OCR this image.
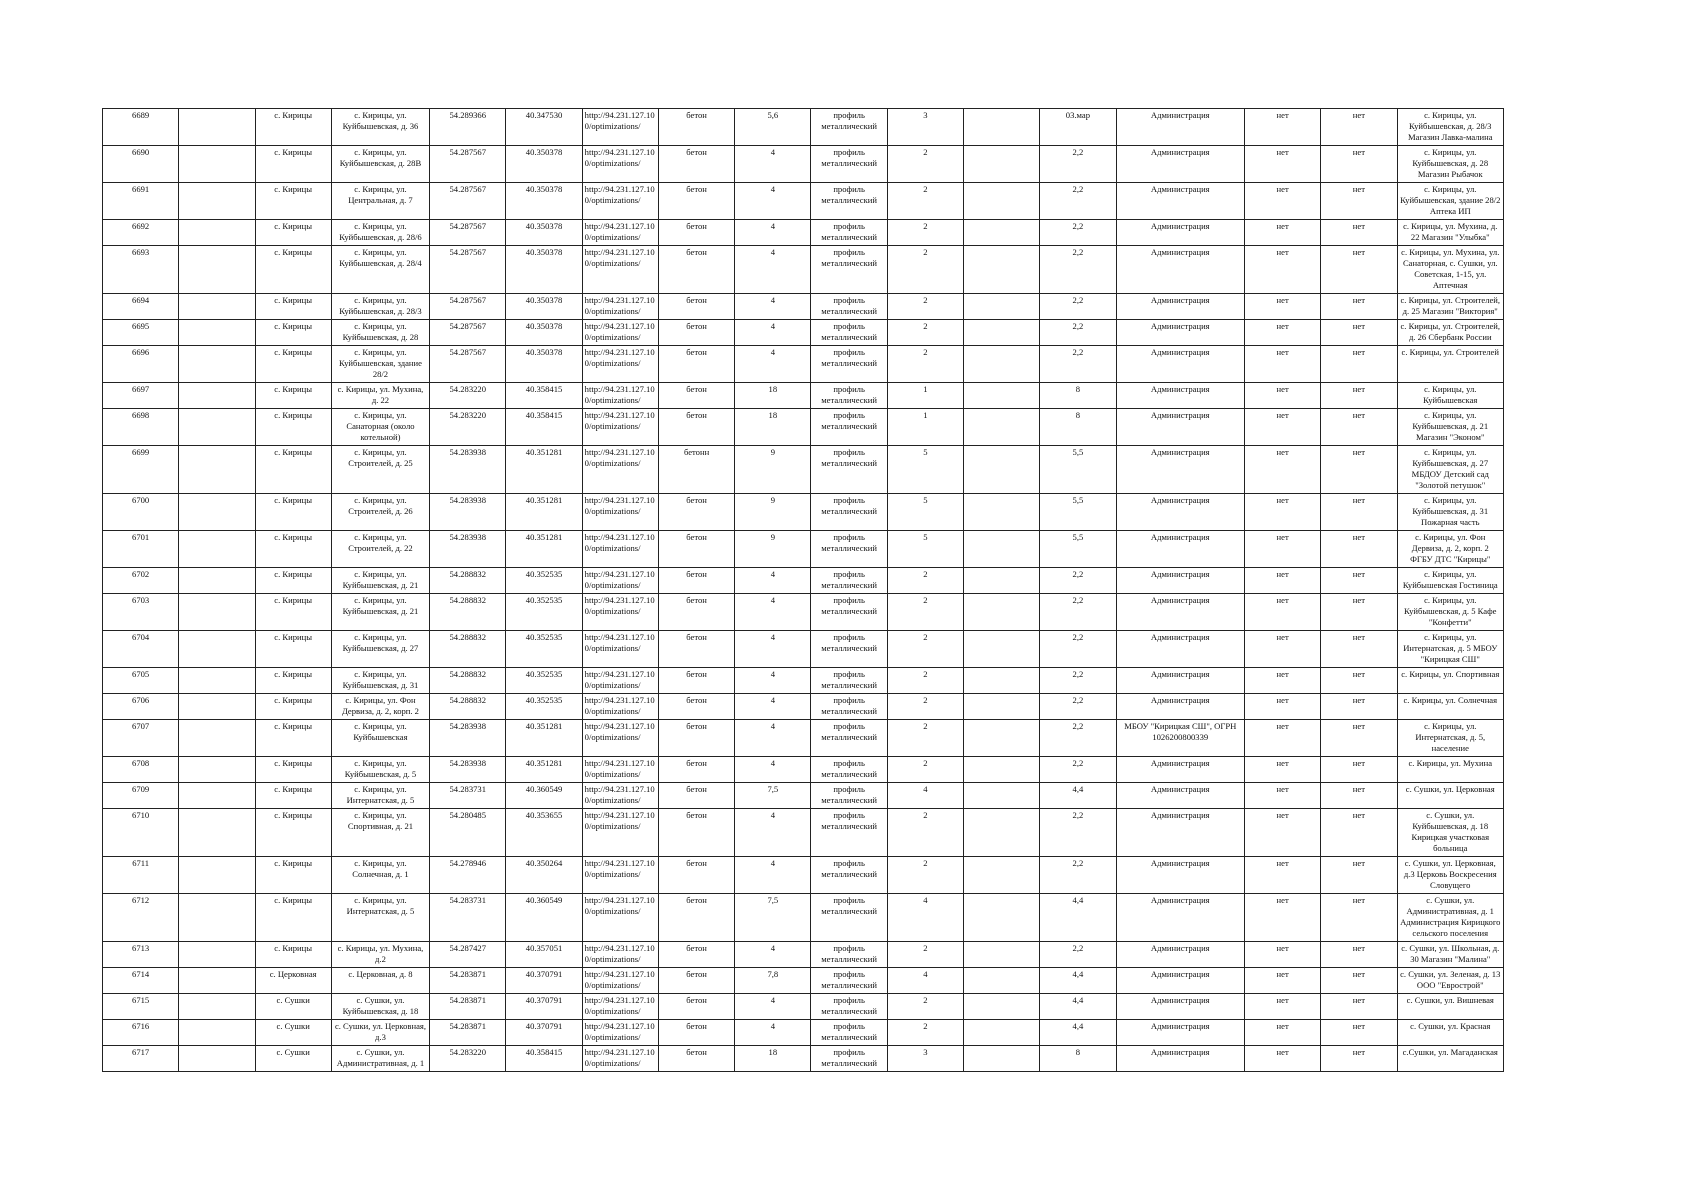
6689		с. Кирицы	с. Кирицы, ул. Куйбышевская, д. 36	54.289366	40.347530	http://94.231.127.10 0/optimizations/	бетон	5,6	профиль металлический	3		03.мар	Администрация	нет	нет	с. Кирицы, ул. Куйбышевская, д. 28/3 Магазин Лавка-малина
6690		с. Кирицы	с. Кирицы, ул. Куйбышевская, д. 28В	54.287567	40.350378	http://94.231.127.10 0/optimizations/	бетон	4	профиль металлический	2		2,2	Администрация	нет	нет	с. Кирицы, ул. Куйбышевская, д. 28 Магазин Рыбачок
6691		с. Кирицы	с. Кирицы, ул. Центральная, д. 7	54.287567	40.350378	http://94.231.127.10 0/optimizations/	бетон	4	профиль металлический	2		2,2	Администрация	нет	нет	с. Кирицы, ул. Куйбышевская, здание 28/2 Аптека ИП
6692		с. Кирицы	с. Кирицы, ул. Куйбышевская, д. 28/6	54.287567	40.350378	http://94.231.127.10 0/optimizations/	бетон	4	профиль металлический	2		2,2	Администрация	нет	нет	с. Кирицы, ул. Мухина, д. 22 Магазин "Улыбка"
6693		с. Кирицы	с. Кирицы, ул. Куйбышевская, д. 28/4	54.287567	40.350378	http://94.231.127.10 0/optimizations/	бетон	4	профиль металлический	2		2,2	Администрация	нет	нет	с. Кирицы, ул. Мухина, ул. Санаторная, с. Сушки, ул. Советская, 1-15, ул. Аптечная
6694		с. Кирицы	с. Кирицы, ул. Куйбышевская, д. 28/3	54.287567	40.350378	http://94.231.127.10 0/optimizations/	бетон	4	профиль металлический	2		2,2	Администрация	нет	нет	с. Кирицы, ул. Строителей, д. 25 Магазин "Виктория"
6695		с. Кирицы	с. Кирицы, ул. Куйбышевская, д. 28	54.287567	40.350378	http://94.231.127.10 0/optimizations/	бетон	4	профиль металлический	2		2,2	Администрация	нет	нет	с. Кирицы, ул. Строителей, д. 26 Сбербанк России
6696		с. Кирицы	с. Кирицы, ул. Куйбышевская, здание 28/2	54.287567	40.350378	http://94.231.127.10 0/optimizations/	бетон	4	профиль металлический	2		2,2	Администрация	нет	нет	с. Кирицы, ул. Строителей
6697		с. Кирицы	с. Кирицы, ул. Мухина, д. 22	54.283220	40.358415	http://94.231.127.10 0/optimizations/	бетон	18	профиль металлический	1		8	Администрация	нет	нет	с. Кирицы, ул. Куйбышевская
6698		с. Кирицы	с. Кирицы, ул. Санаторная (около котельной)	54.283220	40.358415	http://94.231.127.10 0/optimizations/	бетон	18	профиль металлический	1		8	Администрация	нет	нет	с. Кирицы, ул. Куйбышевская, д. 21 Магазин "Эконом"
6699		с. Кирицы	с. Кирицы, ул. Строителей, д. 25	54.283938	40.351281	http://94.231.127.10 0/optimizations/	бетонн	9	профиль металлический	5		5,5	Администрация	нет	нет	с. Кирицы, ул. Куйбышевская, д. 27 МБДОУ Детский сад "Золотой петушок"
6700		с. Кирицы	с. Кирицы, ул. Строителей, д. 26	54.283938	40.351281	http://94.231.127.10 0/optimizations/	бетон	9	профиль металлический	5		5,5	Администрация	нет	нет	с. Кирицы, ул. Куйбышевская, д. 31 Пожарная часть
6701		с. Кирицы	с. Кирицы, ул. Строителей, д. 22	54.283938	40.351281	http://94.231.127.10 0/optimizations/	бетон	9	профиль металлический	5		5,5	Администрация	нет	нет	с. Кирицы, ул. Фон Дервиза, д. 2, корп. 2 ФГБУ ДТС "Кирицы"
6702		с. Кирицы	с. Кирицы, ул. Куйбышевская, д. 21	54.288832	40.352535	http://94.231.127.10 0/optimizations/	бетон	4	профиль металлический	2		2,2	Администрация	нет	нет	с. Кирицы, ул. Куйбышевская Гостиница
6703		с. Кирицы	с. Кирицы, ул. Куйбышевская, д. 21	54.288832	40.352535	http://94.231.127.10 0/optimizations/	бетон	4	профиль металлический	2		2,2	Администрация	нет	нет	с. Кирицы, ул. Куйбышевская, д. 5 Кафе "Конфетти"
6704		с. Кирицы	с. Кирицы, ул. Куйбышевская, д. 27	54.288832	40.352535	http://94.231.127.10 0/optimizations/	бетон	4	профиль металлический	2		2,2	Администрация	нет	нет	с. Кирицы, ул. Интернатская, д. 5 МБОУ "Кирицкая СШ"
6705		с. Кирицы	с. Кирицы, ул. Куйбышевская, д. 31	54.288832	40.352535	http://94.231.127.10 0/optimizations/	бетон	4	профиль металлический	2		2,2	Администрация	нет	нет	с. Кирицы, ул. Спортивная
6706		с. Кирицы	с. Кирицы, ул. Фон Дервиза, д. 2, корп. 2	54.288832	40.352535	http://94.231.127.10 0/optimizations/	бетон	4	профиль металлический	2		2,2	Администрация	нет	нет	с. Кирицы, ул. Солнечная
6707		с. Кирицы	с. Кирицы, ул. Куйбышевская	54.283938	40.351281	http://94.231.127.10 0/optimizations/	бетон	4	профиль металлический	2		2,2	МБОУ "Кирицкая СШ", ОГРН 1026200800339	нет	нет	с. Кирицы, ул. Интернатская, д. 5, население
6708		с. Кирицы	с. Кирицы, ул. Куйбышевская, д. 5	54.283938	40.351281	http://94.231.127.10 0/optimizations/	бетон	4	профиль металлический	2		2,2	Администрация	нет	нет	с. Кирицы, ул. Мухина
6709		с. Кирицы	с. Кирицы, ул. Интернатская, д. 5	54.283731	40.360549	http://94.231.127.10 0/optimizations/	бетон	7,5	профиль металлический	4		4,4	Администрация	нет	нет	с. Сушки, ул. Церковная
6710		с. Кирицы	с. Кирицы, ул. Спортивная, д. 21	54.280485	40.353655	http://94.231.127.10 0/optimizations/	бетон	4	профиль металлический	2		2,2	Администрация	нет	нет	с. Сушки, ул. Куйбышевская, д. 18 Кирицкая участковая больница
6711		с. Кирицы	с. Кирицы, ул. Солнечная, д. 1	54.278946	40.350264	http://94.231.127.10 0/optimizations/	бетон	4	профиль металлический	2		2,2	Администрация	нет	нет	с. Сушки, ул. Церковная, д.3 Церковь Воскресения Словущего
6712		с. Кирицы	с. Кирицы, ул. Интернатская, д. 5	54.283731	40.360549	http://94.231.127.10 0/optimizations/	бетон	7,5	профиль металлический	4		4,4	Администрация	нет	нет	с. Сушки, ул. Административная, д. 1 Администрация Кирицкого сельского поселения
6713		с. Кирицы	с. Кирицы, ул. Мухина, д.2	54.287427	40.357051	http://94.231.127.10 0/optimizations/	бетон	4	профиль металлический	2		2,2	Администрация	нет	нет	с. Сушки, ул. Школьная, д. 30 Магазин "Малина"
6714		с. Церковная	с. Церковная, д. 8	54.283871	40.370791	http://94.231.127.10 0/optimizations/	бетон	7,8	профиль металлический	4		4,4	Администрация	нет	нет	с. Сушки, ул. Зеленая, д. 13 ООО "Еврострой"
6715		с. Сушки	с. Сушки, ул. Куйбышевская, д. 18	54.283871	40.370791	http://94.231.127.10 0/optimizations/	бетон	4	профиль металлический	2		4,4	Администрация	нет	нет	с. Сушки, ул. Вишневая
6716		с. Сушки	с. Сушки, ул. Церковная, д.3	54.283871	40.370791	http://94.231.127.10 0/optimizations/	бетон	4	профиль металлический	2		4,4	Администрация	нет	нет	с. Сушки, ул. Красная
6717		с. Сушки	с. Сушки, ул. Административная, д. 1	54.283220	40.358415	http://94.231.127.10 0/optimizations/	бетон	18	профиль металлический	3		8	Администрация	нет	нет	с.Сушки, ул. Магаданская
